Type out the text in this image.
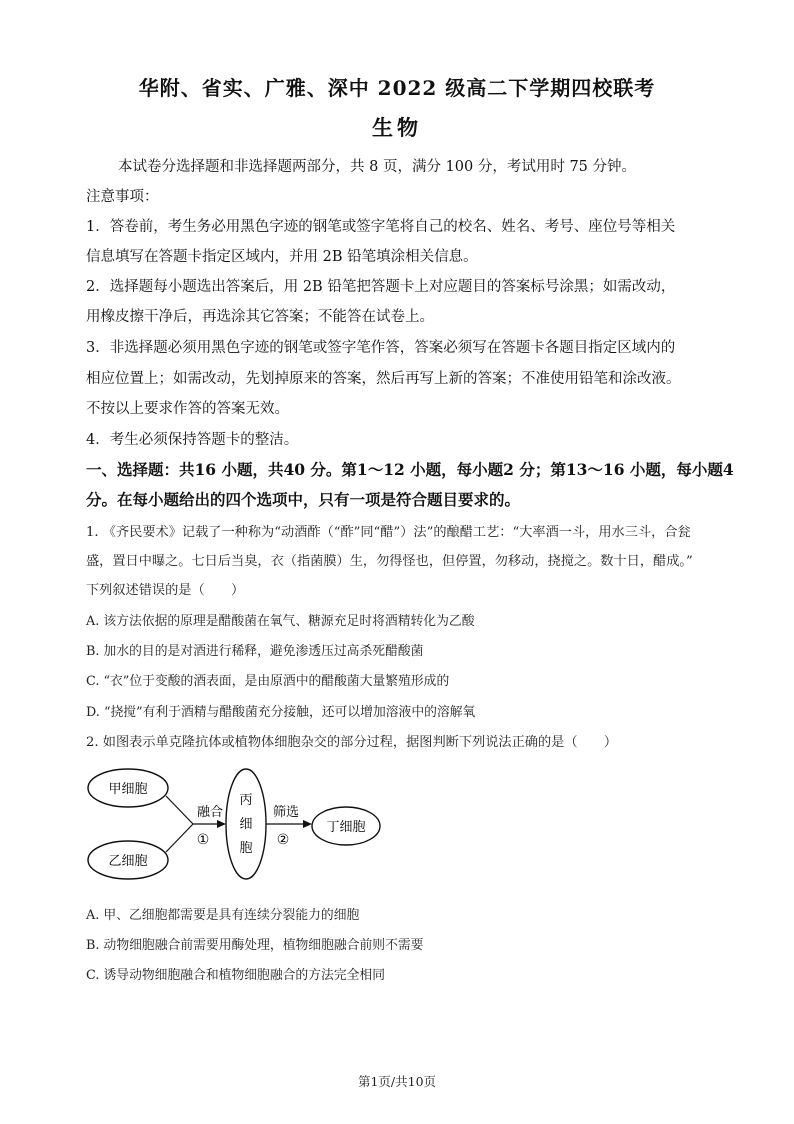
华附、省实、广雅、深中 2022 级高二下学期四校联考
生物
本试卷分选择题和非选择题两部分，共 8 页，满分 100 分，考试用时 75 分钟。
注意事项：
1．答卷前，考生务必用黑色字迹的钢笔或签字笔将自己的校名、姓名、考号、座位号等相关
信息填写在答题卡指定区域内，并用 2B 铅笔填涂相关信息。
2．选择题每小题选出答案后，用 2B 铅笔把答题卡上对应题目的答案标号涂黑；如需改动，
用橡皮擦干净后，再选涂其它答案；不能答在试卷上。
3．非选择题必须用黑色字迹的钢笔或签字笔作答，答案必须写在答题卡各题目指定区域内的
相应位置上；如需改动，先划掉原来的答案，然后再写上新的答案；不准使用铅笔和涂改液。
不按以上要求作答的答案无效。
4．考生必须保持答题卡的整洁。
一、选择题：共16 小题，共40 分。第1～12 小题，每小题2 分；第13～16 小题，每小题4
分。在每小题给出的四个选项中，只有一项是符合题目要求的。
1. 《齐民要术》记载了一种称为“动酒酢（“酢”同“醋”）法”的酿醋工艺：“大率酒一斗，用水三斗，合瓮
盛，置日中曝之。七日后当臭，衣（指菌膜）生，勿得怪也，但停置，勿移动，挠搅之。数十日，醋成。”
下列叙述错误的是（　　）
A. 该方法依据的原理是醋酸菌在氧气、糖源充足时将酒精转化为乙酸
B. 加水的目的是对酒进行稀释，避免渗透压过高杀死醋酸菌
C. “衣”位于变酸的酒表面，是由原酒中的醋酸菌大量繁殖形成的
D. “挠搅”有利于酒精与醋酸菌充分接触，还可以增加溶液中的溶解氧
2. 如图表示单克隆抗体或植物体细胞杂交的部分过程，据图判断下列说法正确的是（　　）
甲细胞
乙细胞
融合
①
丙
细
胞
筛选
②
丁细胞
A. 甲、乙细胞都需要是具有连续分裂能力的细胞
B. 动物细胞融合前需要用酶处理，植物细胞融合前则不需要
C. 诱导动物细胞融合和植物细胞融合的方法完全相同
第1页/共10页
